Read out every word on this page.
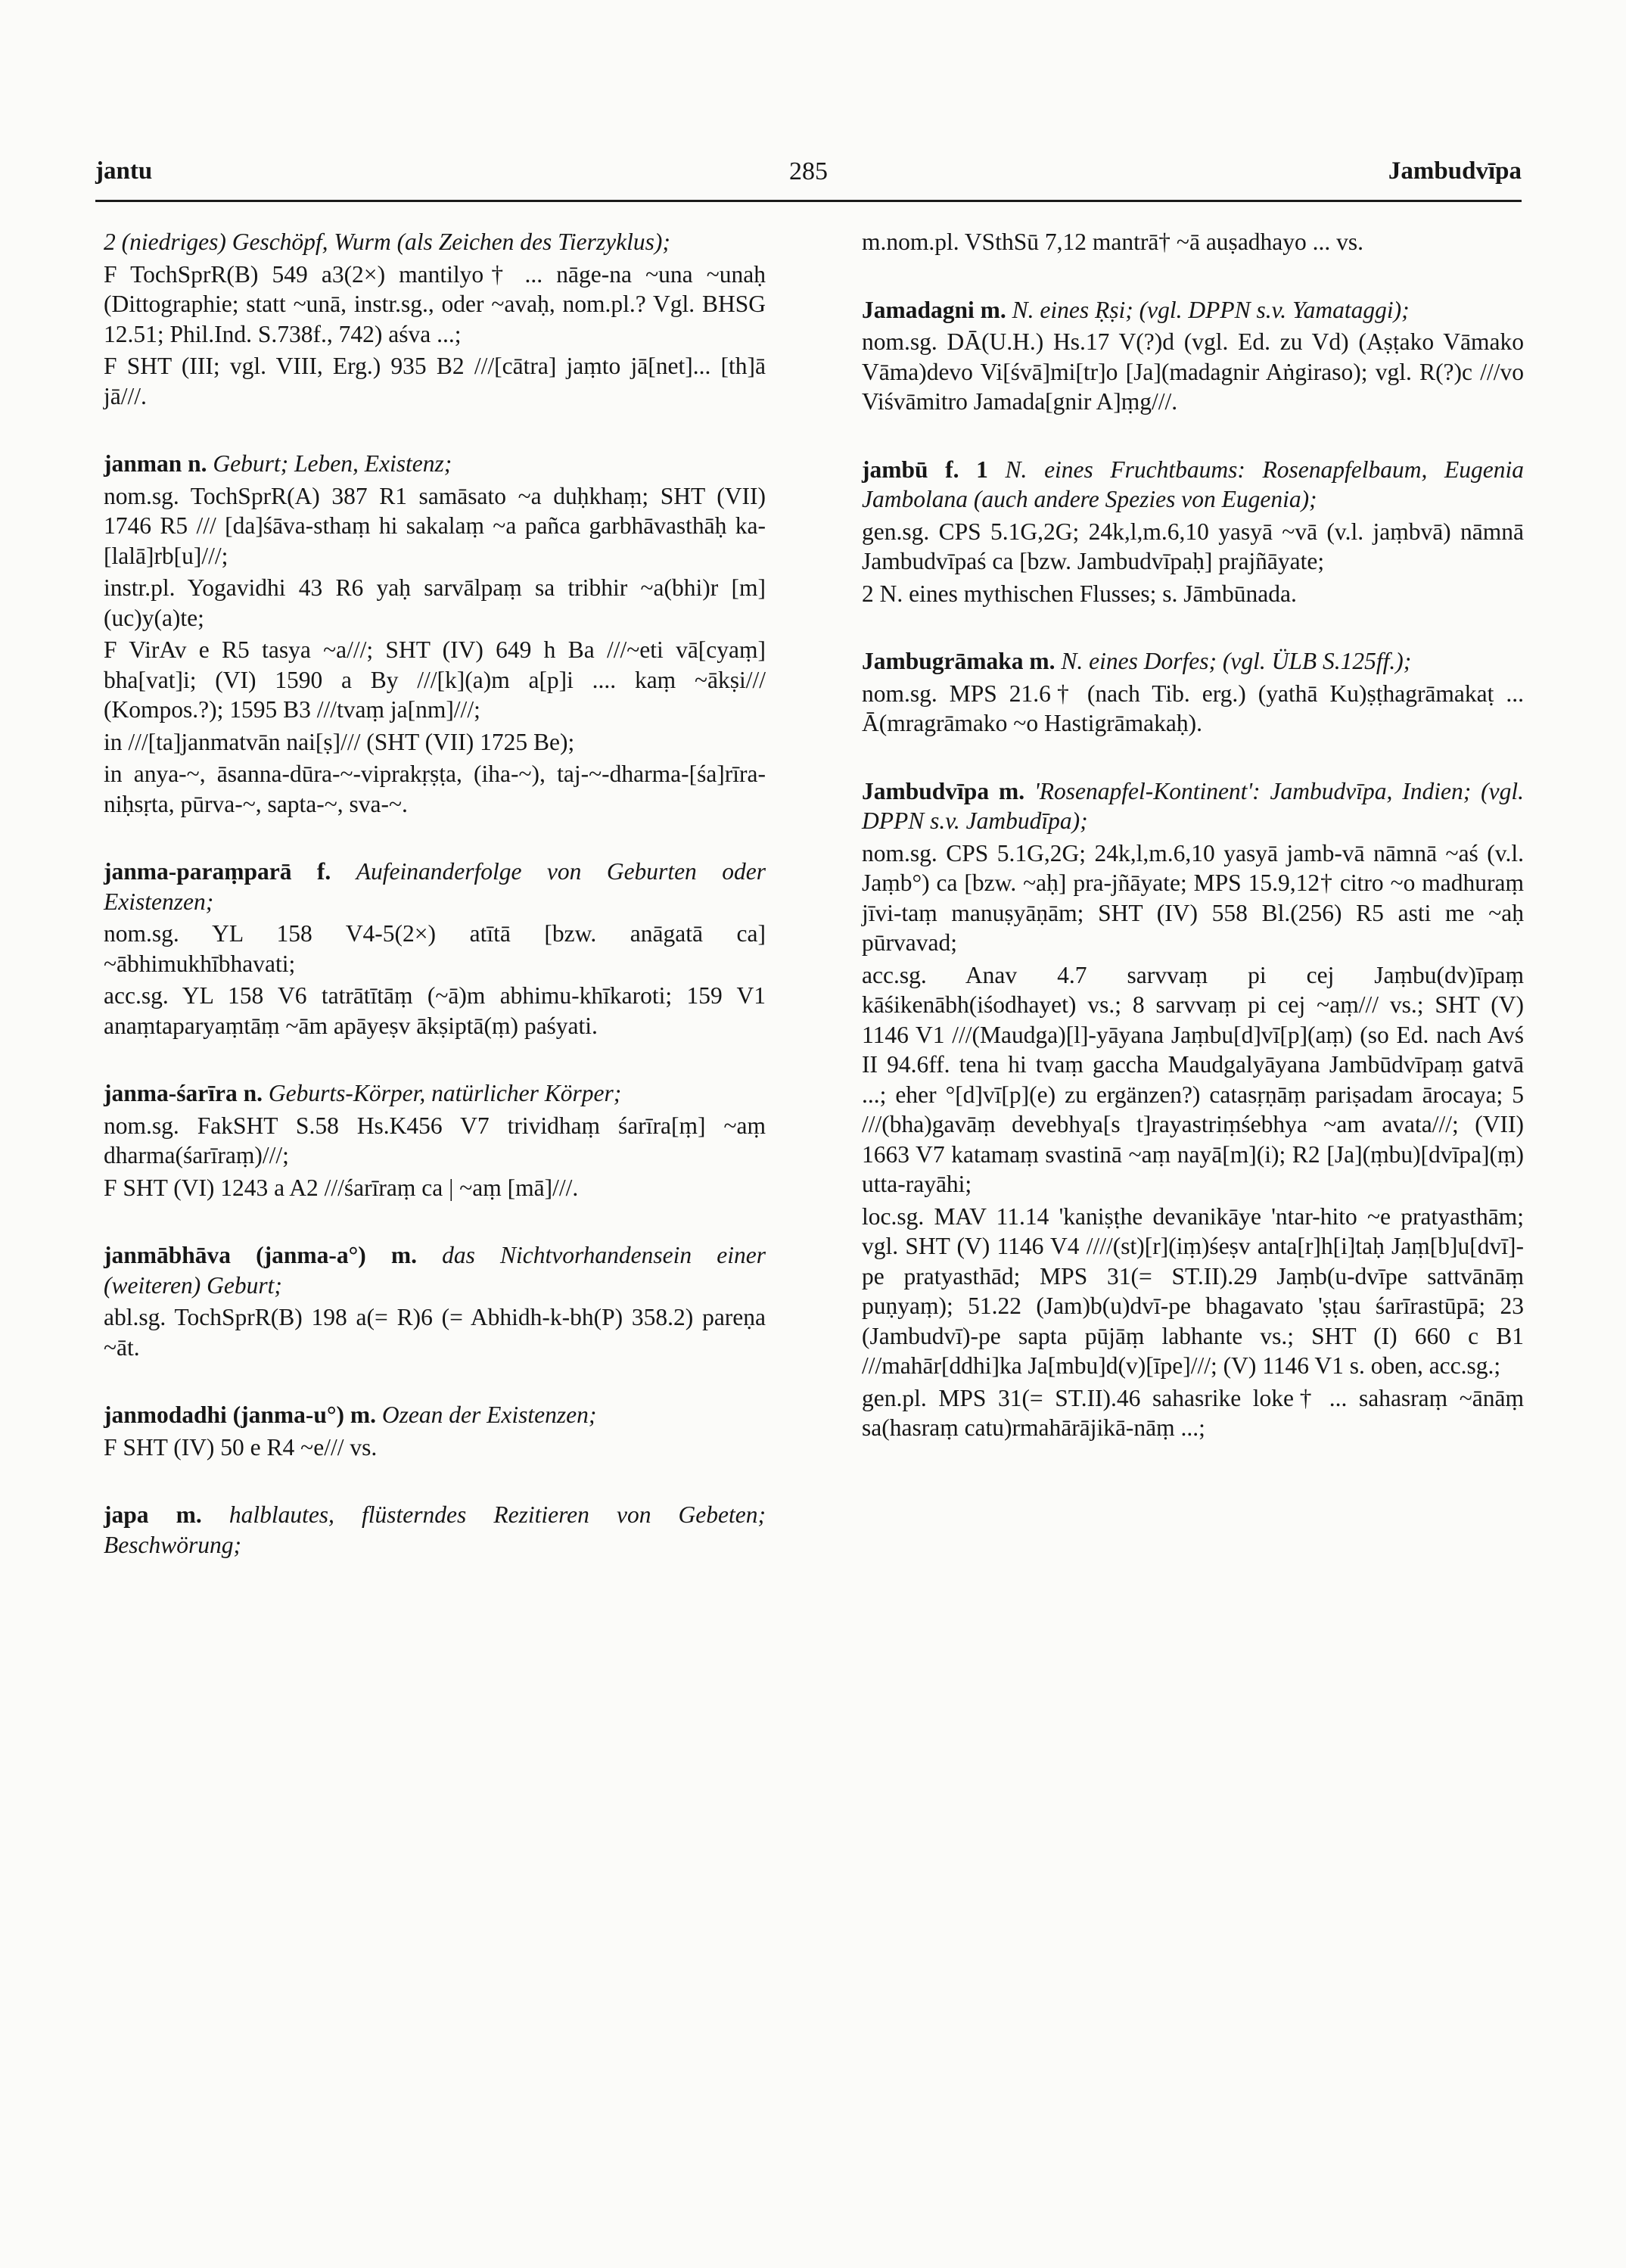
jantu	285	Jambudvīpa

2 (niedriges) Geschöpf, Wurm (als Zeichen des Tierzyklus);

F TochSprR(B) 549 a3(2×) mantilyo† ... nāge-na ~una ~unaḥ (Dittographie; statt ~unā, instr.sg., oder ~avaḥ, nom.pl.? Vgl. BHSG 12.51; Phil.Ind. S.738f., 742) aśva ...;

F SHT (III; vgl. VIII, Erg.) 935 B2 ///[cātra] jaṃto jā[net]... [th]ā jā///.

janman n. Geburt; Leben, Existenz;

nom.sg. TochSprR(A) 387 R1 samāsato ~a duḥkhaṃ; SHT (VII) 1746 R5 /// [da]śāva-sthaṃ hi sakalaṃ ~a pañca garbhāvasthāḥ ka-[lalā]rb[u]///;

instr.pl. Yogavidhi 43 R6 yaḥ sarvālpaṃ sa tribhir ~a(bhi)r [m](uc)y(a)te;

F VirAv e R5 tasya ~a///; SHT (IV) 649 h Ba ///~eti vā[cyaṃ] bha[vat]i; (VI) 1590 a By ///[k](a)m a[p]i .... kaṃ ~ākṣi/// (Kompos.?); 1595 B3 ///tvaṃ ja[nm]///;

in ///[ta]janmatvān nai[ṣ]/// (SHT (VII) 1725 Be);

in anya-~, āsanna-dūra-~-viprakṛṣṭa, (iha-~), taj-~-dharma-[śa]rīra-niḥsṛta, pūrva-~, sapta-~, sva-~.

janma-paraṃparā f. Aufeinanderfolge von Geburten oder Existenzen;

nom.sg. YL 158 V4-5(2×) atītā [bzw. anāgatā ca] ~ābhimukhībhavati;

acc.sg. YL 158 V6 tatrātītāṃ (~ā)m abhimu-khīkaroti; 159 V1 anaṃtaparyaṃtāṃ ~ām apāyeṣv ākṣiptā(ṃ) paśyati.

janma-śarīra n. Geburts-Körper, natürlicher Körper;

nom.sg. FakSHT S.58 Hs.K456 V7 trividhaṃ śarīra[ṃ] ~aṃ dharma(śarīraṃ)///;

F SHT (VI) 1243 a A2 ///śarīraṃ ca | ~aṃ [mā]///.

janmābhāva (janma-a°) m. das Nichtvorhandensein einer (weiteren) Geburt;

abl.sg. TochSprR(B) 198 a(= R)6 (= Abhidh-k-bh(P) 358.2) pareṇa ~āt.

janmodadhi (janma-u°) m. Ozean der Existenzen;

F SHT (IV) 50 e R4 ~e/// vs.

japa m. halblautes, flüsterndes Rezitieren von Gebeten; Beschwörung;

m.nom.pl. VSthSū 7,12 mantrā† ~ā auṣadhayo ... vs.

Jamadagni m. N. eines Ṛṣi; (vgl. DPPN s.v. Yamataggi);

nom.sg. DĀ(U.H.) Hs.17 V(?)d (vgl. Ed. zu Vd) (Aṣṭako Vāmako Vāma)devo Vi[śvā]mi[tr]o [Ja](madagnir Aṅgiraso); vgl. R(?)c ///vo Viśvāmitro Jamada[gnir A]ṃg///.

jambū f. 1 N. eines Fruchtbaums: Rosenapfelbaum, Eugenia Jambolana (auch andere Spezies von Eugenia);

gen.sg. CPS 5.1G,2G; 24k,l,m.6,10 yasyā ~vā (v.l. jaṃbvā) nāmnā Jambudvīpaś ca [bzw. Jambudvīpaḥ] prajñāyate;

2 N. eines mythischen Flusses; s. Jāmbūnada.

Jambugrāmaka m. N. eines Dorfes; (vgl. ÜLB S.125ff.);

nom.sg. MPS 21.6† (nach Tib. erg.) (yathā Ku)ṣṭhagrāmakaṭ ... Ā(mragrāmako ~o Hastigrāmakaḥ).

Jambudvīpa m. 'Rosenapfel-Kontinent': Jambudvīpa, Indien; (vgl. DPPN s.v. Jambudīpa);

nom.sg. CPS 5.1G,2G; 24k,l,m.6,10 yasyā jamb-vā nāmnā ~aś (v.l. Jaṃb°) ca [bzw. ~aḥ] pra-jñāyate; MPS 15.9,12† citro ~o madhuraṃ jīvi-taṃ manuṣyāṇām; SHT (IV) 558 Bl.(256) R5 asti me ~aḥ pūrvavad;

acc.sg. Anav 4.7 sarvvaṃ pi cej Jaṃbu(dv)īpaṃ kāśikenābh(iśodhayet) vs.; 8 sarvvaṃ pi cej ~aṃ/// vs.; SHT (V) 1146 V1 ///(Maudga)[l]-yāyana Jaṃbu[d]vī[p](aṃ) (so Ed. nach Avś II 94.6ff. tena hi tvaṃ gaccha Maudgalyāyana Jambūdvīpaṃ gatvā ...; eher °[d]vī[p](e) zu ergänzen?) catasṛṇāṃ pariṣadam ārocaya; 5 ///(bha)gavāṃ devebhya[s t]rayastriṃśebhya ~am avata///; (VII) 1663 V7 katamaṃ svastinā ~aṃ nayā[m](i); R2 [Ja](ṃbu)[dvīpa](ṃ) utta-rayāhi;

loc.sg. MAV 11.14 'kaniṣṭhe devanikāye 'ntar-hito ~e pratyasthām; vgl. SHT (V) 1146 V4 ////(st)[r](iṃ)śeṣv anta[r]h[i]taḥ Jaṃ[b]u[dvī]-pe pratyasthād; MPS 31(= ST.II).29 Jaṃb(u-dvīpe sattvānāṃ puṇyaṃ); 51.22 (Jam)b(u)dvī-pe bhagavato 'ṣṭau śarīrastūpā; 23 (Jambudvī)-pe sapta pūjāṃ labhante vs.; SHT (I) 660 c B1 ///mahār[ddhi]ka Ja[mbu]d(v)[īpe]///; (V) 1146 V1 s. oben, acc.sg.;

gen.pl. MPS 31(= ST.II).46 sahasrike loke† ... sahasraṃ ~ānāṃ sa(hasraṃ catu)rmahārājikā-nāṃ ...;
